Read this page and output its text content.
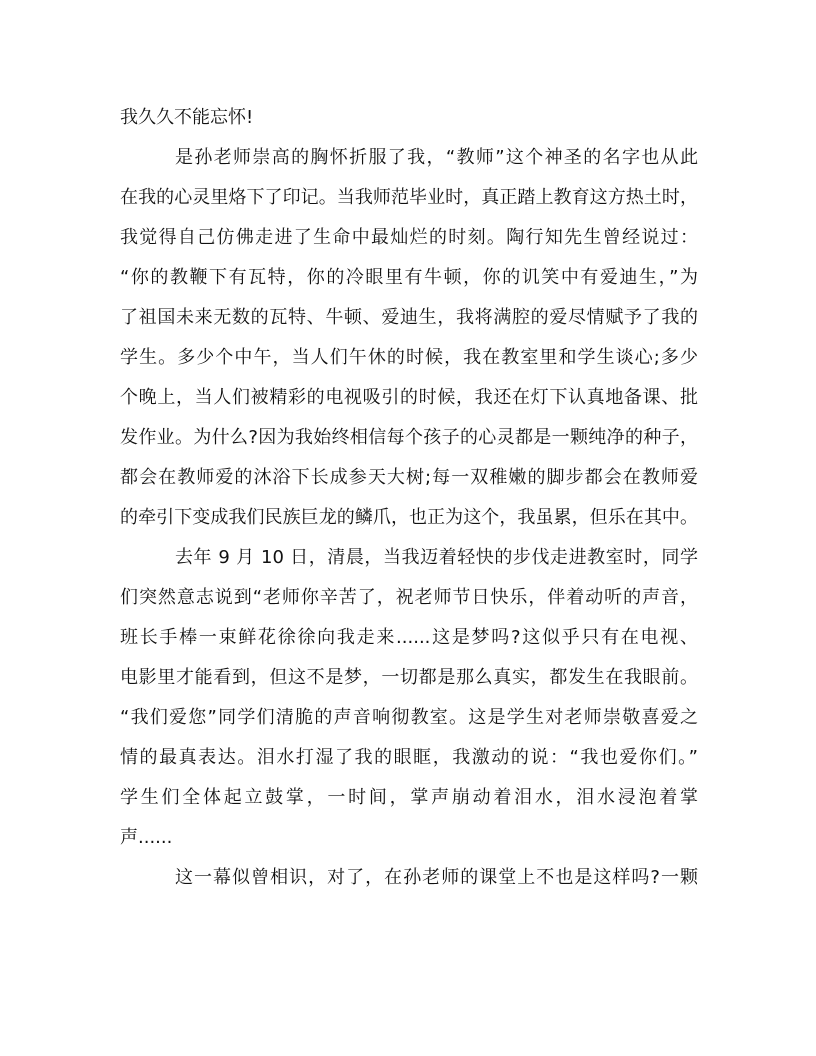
我久久不能忘怀!
是孙老师崇高的胸怀折服了我，“教师”这个神圣的名字也从此
在我的心灵里烙下了印记。当我师范毕业时，真正踏上教育这方热土时，
我觉得自己仿佛走进了生命中最灿烂的时刻。陶行知先生曾经说过：
“你的教鞭下有瓦特，你的冷眼里有牛顿，你的讥笑中有爱迪生，”为
了祖国未来无数的瓦特、牛顿、爱迪生，我将满腔的爱尽情赋予了我的
学生。多少个中午，当人们午休的时候，我在教室里和学生谈心;多少
个晚上，当人们被精彩的电视吸引的时候，我还在灯下认真地备课、批
发作业。为什么?因为我始终相信每个孩子的心灵都是一颗纯净的种子，
都会在教师爱的沐浴下长成参天大树;每一双稚嫩的脚步都会在教师爱
的牵引下变成我们民族巨龙的鳞爪，也正为这个，我虽累，但乐在其中。
去年 9 月 10 日，清晨，当我迈着轻快的步伐走进教室时，同学
们突然意志说到“老师你辛苦了，祝老师节日快乐，伴着动听的声音，
班长手棒一束鲜花徐徐向我走来......这是梦吗?这似乎只有在电视、
电影里才能看到，但这不是梦，一切都是那么真实，都发生在我眼前。
“我们爱您”同学们清脆的声音响彻教室。这是学生对老师崇敬喜爱之
情的最真表达。泪水打湿了我的眼眶，我激动的说：“我也爱你们。”
学生们全体起立鼓掌，一时间，掌声崩动着泪水，泪水浸泡着掌
声......
这一幕似曾相识，对了，在孙老师的课堂上不也是这样吗?一颗
